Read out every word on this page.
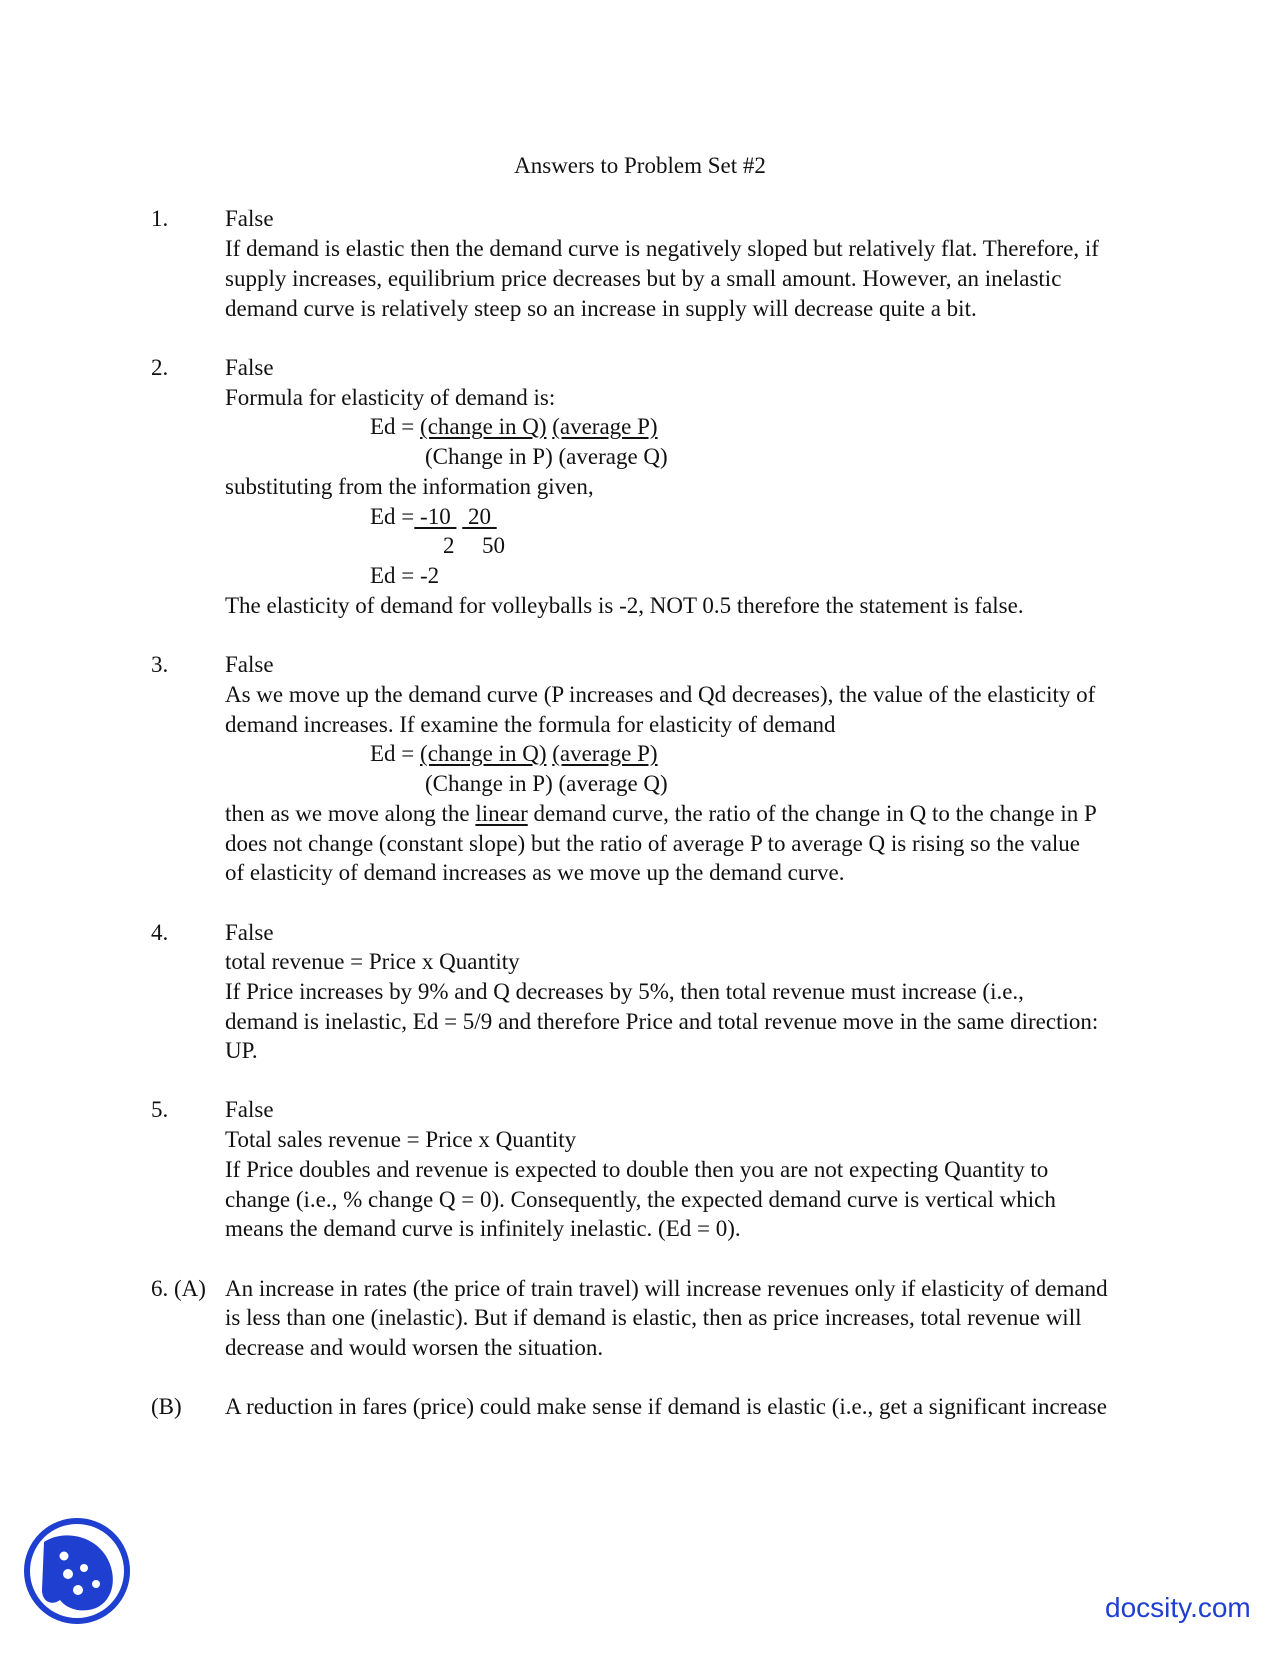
Answers to Problem Set #2
1. False
If demand is elastic then the demand curve is negatively sloped but relatively flat. Therefore, if
supply increases, equilibrium price decreases but by a small amount. However, an inelastic
demand curve is relatively steep so an increase in supply will decrease quite a bit.
2. False
Formula for elasticity of demand is:
Ed = (change in Q) (average P)
(Change in P) (average Q)
substituting from the information given,
Ed = -10   20
2 50
Ed = -2
The elasticity of demand for volleyballs is -2, NOT 0.5 therefore the statement is false.
3. False
As we move up the demand curve (P increases and Qd decreases), the value of the elasticity of
demand increases. If examine the formula for elasticity of demand
Ed = (change in Q) (average P)
(Change in P) (average Q)
then as we move along the linear demand curve, the ratio of the change in Q to the change in P
does not change (constant slope) but the ratio of average P to average Q is rising so the value
of elasticity of demand increases as we move up the demand curve.
4. False
total revenue = Price x Quantity
If Price increases by 9% and Q decreases by 5%, then total revenue must increase (i.e.,
demand is inelastic, Ed = 5/9 and therefore Price and total revenue move in the same direction:
UP.
5. False
Total sales revenue = Price x Quantity
If Price doubles and revenue is expected to double then you are not expecting Quantity to
change (i.e., % change Q = 0). Consequently, the expected demand curve is vertical which
means the demand curve is infinitely inelastic. (Ed = 0).
6. (A) An increase in rates (the price of train travel) will increase revenues only if elasticity of demand
is less than one (inelastic). But if demand is elastic, then as price increases, total revenue will
decrease and would worsen the situation.
(B) A reduction in fares (price) could make sense if demand is elastic (i.e., get a significant increase
docsity.com
